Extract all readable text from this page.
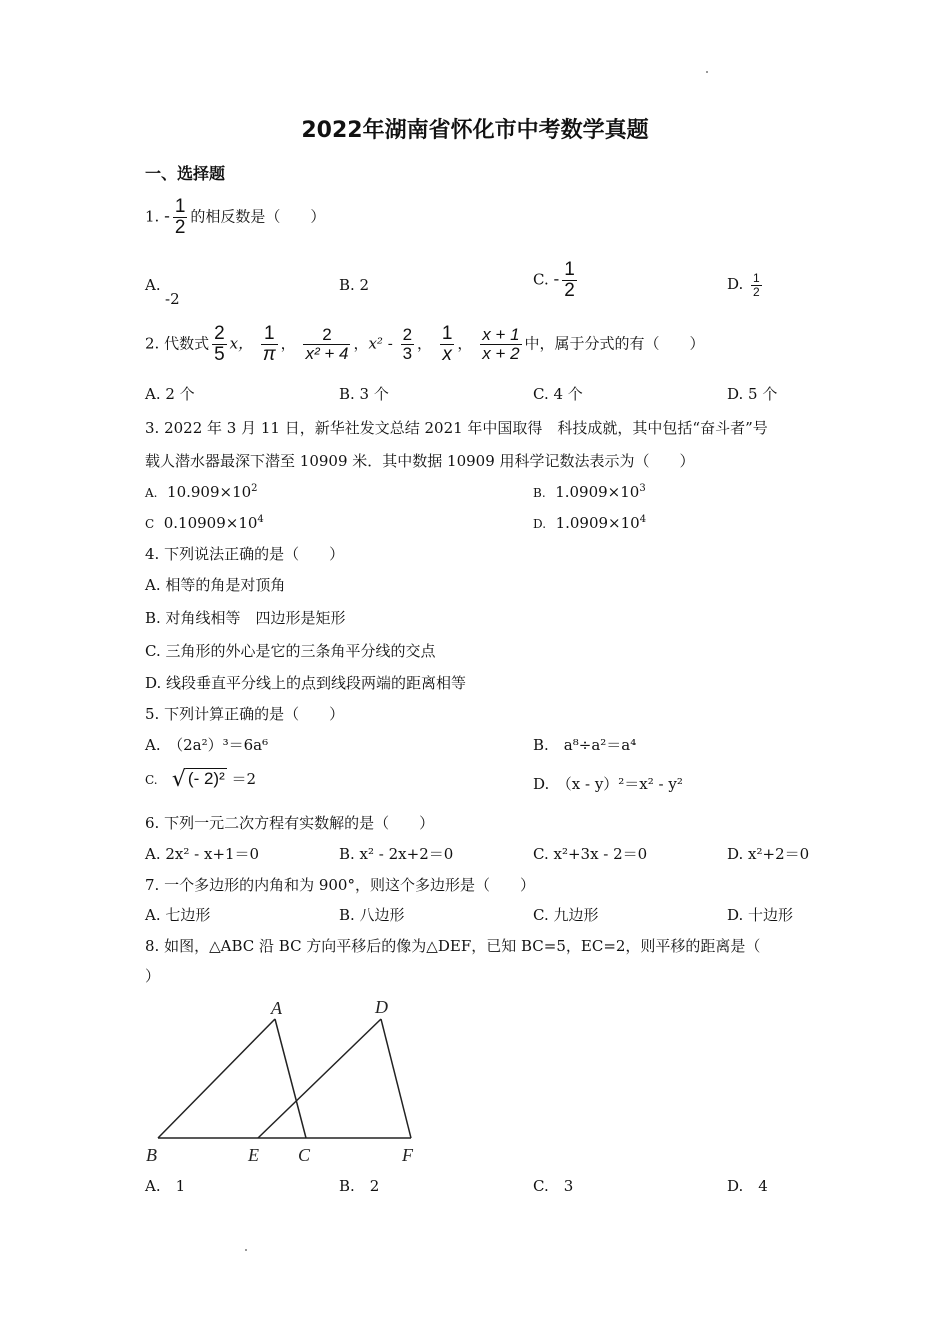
2022年湖南省怀化市中考数学真题
一、选择题
1. - $\frac{1}{2}$ 的相反数是（　　）
A.
-2
B. 2	C. - $\frac{1}{2}$	D. $\frac{1}{2}$
2. 代数式 $\frac{2}{5}$ x， $\frac{1}{\pi}$ ， $\frac{2}{\text{x² + 4}}$ ，$x^2 - \frac{2}{3}$ ， $\frac{1}{x}$ ， $\frac{x + 1}{x + 2}$ 中，属于分式的有（　　）
A. 2 个	B. 3 个	C. 4 个	D. 5 个
3. 2022 年 3 月 11 日，新华社发文总结 2021 年中国取得　科技成就，其中包括“奋斗者”号
载人潜水器最深下潜至 10909 米．其中数据 10909 用科学记数法表示为（　　）
A. $10.909\times 10^2$	B. $1.0909\times 10^3$
C $0.10909\times 10^4$	D. $1.0909\times 10^4$
4. 下列说法正确的是（　　）
A. 相等的角是对顶角
B. 对角线相等　四边形是矩形
C. 三角形的外心是它的三条角平分线的交点
D. 线段垂直平分线上的点到线段两端的距离相等
5. 下列计算正确的是（　　）
A.　（2a²）³＝6a⁶	B.　a⁸÷a²＝a⁴
C. √ (- 2)² ＝2	D.　（x - y）²＝x² - y²
6. 下列一元二次方程有实数解的是（　　）
A. 2x² - x+1＝0	B. x² - 2x+2＝0	C. x²+3x - 2＝0	D. x²+2＝0
7. 一个多边形的内角和为 900°，则这个多边形是（　　）
A. 七边形	B. 八边形	C. 九边形	D. 十边形
8. 如图，△ABC 沿 BC 方向平移后的像为△DEF，已知 BC=5，EC=2，则平移的距离是（
）
A	D
B	E C	F
A.　1	B.　2	C.　3	D.　4
